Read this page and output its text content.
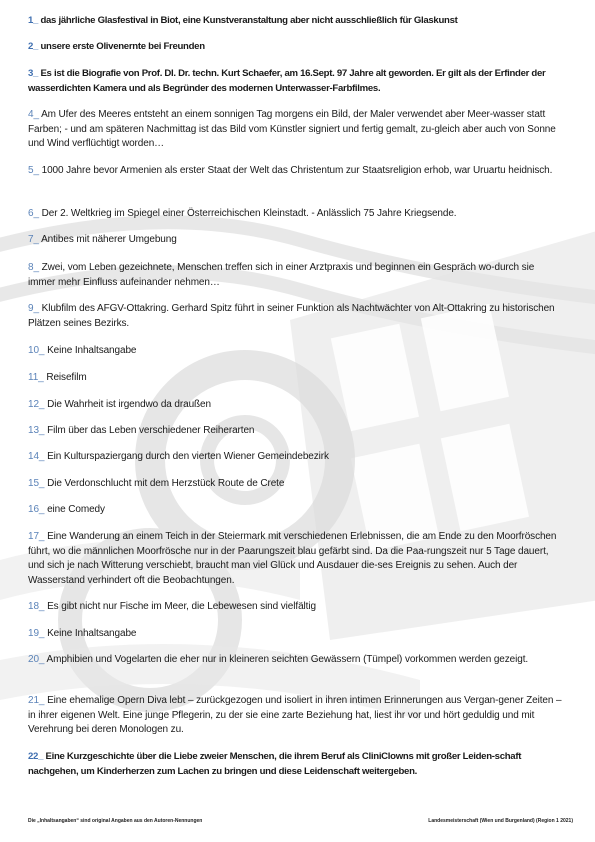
1_ das jährliche Glasfestival in Biot, eine Kunstveranstaltung aber nicht ausschließlich für Glaskunst

2_ unsere erste Olivenernte bei Freunden

3_ Es ist die Biografie von Prof. DI. Dr. techn. Kurt Schaefer, am 16.Sept. 97 Jahre alt geworden. Er gilt als der Erfinder der wasserdichten Kamera und als Begründer des modernen Unterwasser-Farbfilmes.

4_ Am Ufer des Meeres entsteht an einem sonnigen Tag morgens ein Bild, der Maler verwendet aber Meer-wasser statt Farben; - und am späteren Nachmittag ist das Bild vom Künstler signiert und fertig gemalt, zu-gleich aber auch von Sonne und Wind verflüchtigt worden…

5_ 1000 Jahre bevor Armenien als erster Staat der Welt das Christentum zur Staatsreligion erhob, war Uruartu heidnisch.

6_ Der 2. Weltkrieg im Spiegel einer Österreichischen Kleinstadt. - Anlässlich 75 Jahre Kriegsende.

7_ Antibes mit näherer Umgebung

8_ Zwei, vom Leben gezeichnete, Menschen treffen sich in einer Arztpraxis und beginnen ein Gespräch wo-durch sie immer mehr Einfluss aufeinander nehmen…

9_ Klubfilm des AFGV-Ottakring. Gerhard Spitz führt in seiner Funktion als Nachtwächter von Alt-Ottakring zu historischen Plätzen seines Bezirks.

10_ Keine Inhaltsangabe

11_ Reisefilm

12_ Die Wahrheit ist irgendwo da draußen

13_ Film über das Leben verschiedener Reiherarten

14_ Ein Kulturspaziergang durch den vierten Wiener Gemeindebezirk

15_ Die Verdonschlucht mit dem Herzstück Route de Crete

16_ eine Comedy

17_ Eine Wanderung an einem Teich in der Steiermark mit verschiedenen Erlebnissen, die am Ende zu den Moorfröschen führt, wo die männlichen Moorfrösche nur in der Paarungszeit blau gefärbt sind. Da die Paa-rungszeit nur 5 Tage dauert, und sich je nach Witterung verschiebt, braucht man viel Glück und Ausdauer die-ses Ereignis zu sehen. Auch der Wasserstand verhindert oft die Beobachtungen.

18_ Es gibt nicht nur Fische im Meer, die Lebewesen sind vielfältig

19_ Keine Inhaltsangabe

20_ Amphibien und Vogelarten die eher nur in kleineren seichten Gewässern (Tümpel) vorkommen werden gezeigt.

21_ Eine ehemalige Opern Diva lebt – zurückgezogen und isoliert in ihren intimen Erinnerungen aus Vergan-gener Zeiten – in ihrer eigenen Welt. Eine junge Pflegerin, zu der sie eine zarte Beziehung hat, liest ihr vor und hört geduldig und mit Verehrung bei deren Monologen zu.

22_ Eine Kurzgeschichte über die Liebe zweier Menschen, die ihrem Beruf als CliniClowns mit großer Leiden-schaft nachgehen, um Kinderherzen zum Lachen zu bringen und diese Leidenschaft weitergeben.

Die „Inhaltsangaben“ sind original Angaben aus den Autoren-Nennungen	Landesmeisterschaft (Wien und Burgenland) (Region 1 2021)
